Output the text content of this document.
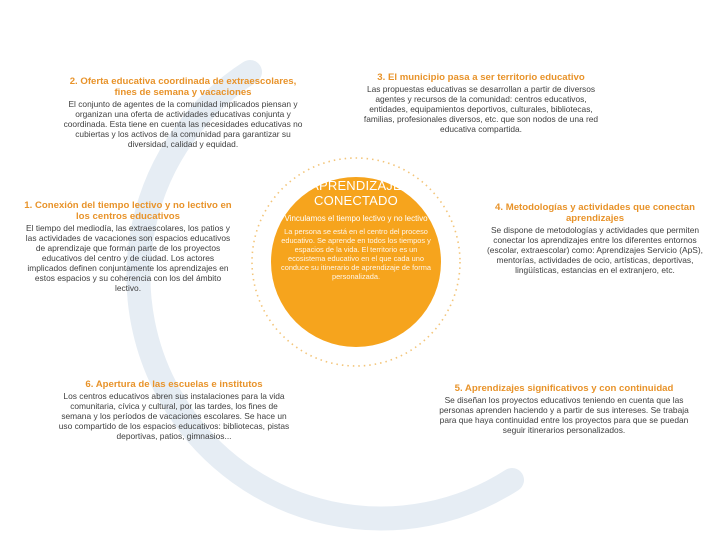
APRENDIZAJE

CONECTADO

Vinculamos el tiempo lectivo y no lectivo

La persona se está en el centro del proceso educativo. Se aprende en todos los tiempos y espacios de la vida. El territorio es un ecosistema educativo en el que cada uno conduce su itinerario de aprendizaje de forma personalizada.

1. Conexión del tiempo lectivo y no lectivo en los centros educativos

El tiempo del mediodía, las extraescolares, los patios y las actividades de vacaciones son espacios educativos de aprendizaje que forman parte de los proyectos educativos del centro y de ciudad. Los actores implicados definen conjuntamente los aprendizajes en estos espacios y su coherencia con los del ámbito lectivo.

2. Oferta educativa coordinada de extraescolares, fines de semana y vacaciones

El conjunto de agentes de la comunidad implicados piensan y organizan una oferta de actividades educativas conjunta y coordinada. Esta tiene en cuenta las necesidades educativas no cubiertas y los activos de la comunidad para garantizar su diversidad, calidad y equidad.

3. El municipio pasa a ser territorio educativo

Las propuestas educativas se desarrollan a partir de diversos agentes y recursos de la comunidad: centros educativos, entidades, equipamientos deportivos, culturales, bibliotecas, familias, profesionales diversos, etc. que son nodos de una red educativa compartida.

4. Metodologías y actividades que conectan aprendizajes

Se dispone de metodologías y actividades que permiten conectar los aprendizajes entre los diferentes entornos (escolar, extraescolar) como: Aprendizajes Servicio (ApS), mentorías, actividades de ocio, artísticas, deportivas, lingüísticas, estancias en el extranjero, etc.

5. Aprendizajes significativos y con continuidad

Se diseñan los proyectos educativos teniendo en cuenta que las personas aprenden haciendo y a partir de sus intereses. Se trabaja para que haya continuidad entre los proyectos para que se puedan seguir itinerarios personalizados.

6. Apertura de las escuelas e institutos

Los centros educativos abren sus instalaciones para la vida comunitaria, cívica y cultural, por las tardes, los fines de semana y los períodos de vacaciones escolares. Se hace un uso compartido de los espacios educativos: bibliotecas, pistas deportivas, patios, gimnasios...
